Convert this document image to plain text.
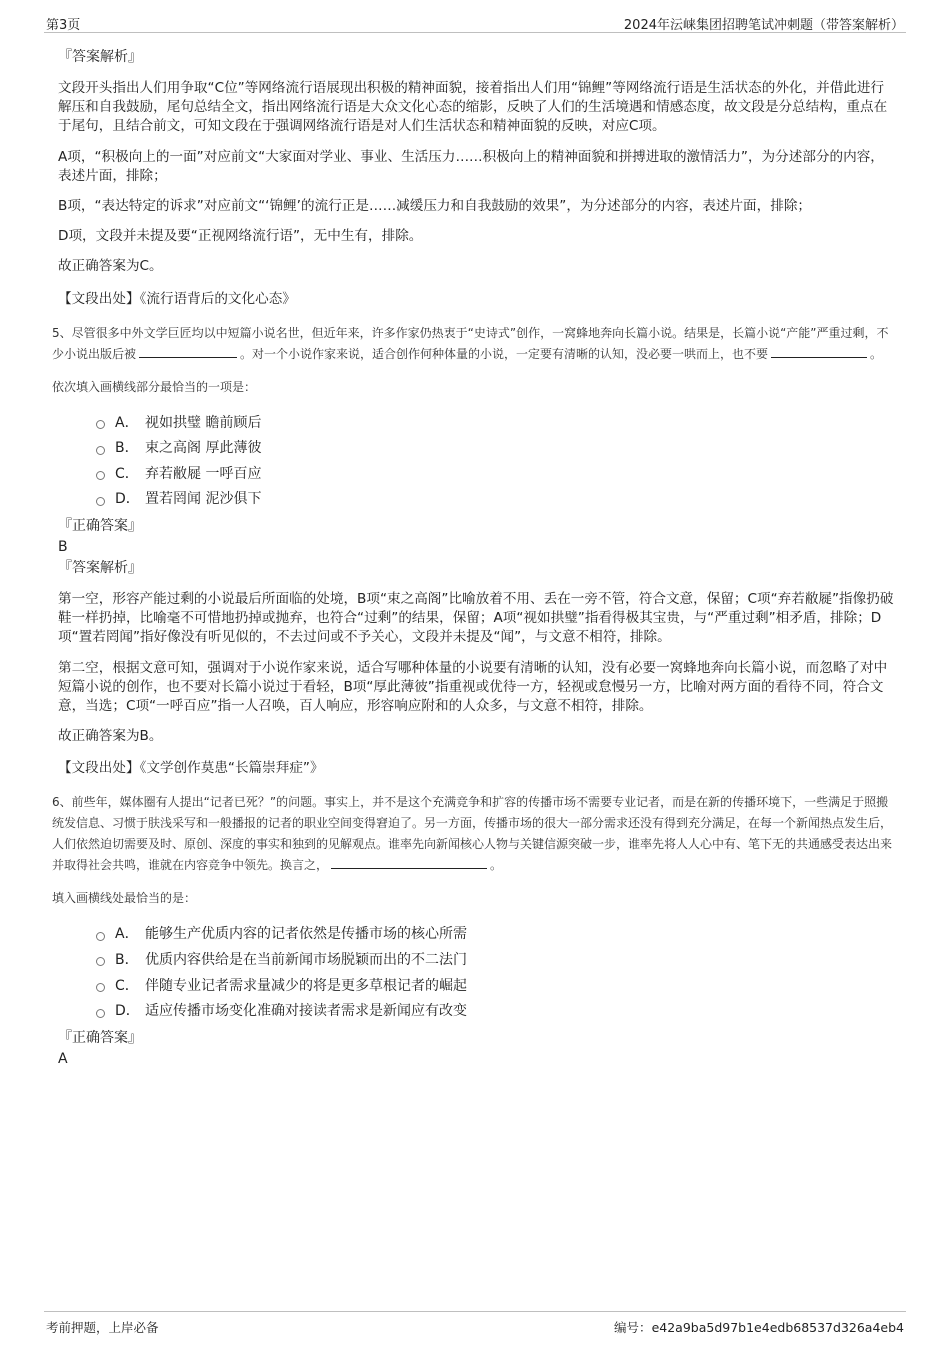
第3页	2024年沄崃集团招聘笔试冲刺题（带答案解析）
『答案解析』

文段开头指出人们用争取“C位”等网络流行语展现出积极的精神面貌，接着指出人们用“锦鲤”等网络流行语是生活状态的外化，并借此进行解压和自我鼓励，尾句总结全文，指出网络流行语是大众文化心态的缩影，反映了人们的生活境遇和情感态度，故文段是分总结构，重点在于尾句，且结合前文，可知文段在于强调网络流行语是对人们生活状态和精神面貌的反映，对应C项。

A项，“积极向上的一面”对应前文“大家面对学业、事业、生活压力……积极向上的精神面貌和拼搏进取的激情活力”，为分述部分的内容，表述片面，排除；

B项，“表达特定的诉求”对应前文“‘锦鲤’的流行正是……减缓压力和自我鼓励的效果”，为分述部分的内容，表述片面，排除；

D项，文段并未提及要“正视网络流行语”，无中生有，排除。

故正确答案为C。

【文段出处】《流行语背后的文化心态》
5、尽管很多中外文学巨匠均以中短篇小说名世，但近年来，许多作家仍热衷于“史诗式”创作，一窝蜂地奔向长篇小说。结果是，长篇小说“产能”严重过剩，不少小说出版后被	。对一个小说作家来说，适合创作何种体量的小说，一定要有清晰的认知，没必要一哄而上，也不要	。
依次填入画横线部分最恰当的一项是：
A． 视如拱璧 瞻前顾后
B． 束之高阁 厚此薄彼
C． 弃若敝屣 一呼百应
D． 置若罔闻 泥沙俱下
『正确答案』
B
『答案解析』

第一空，形容产能过剩的小说最后所面临的处境，B项“束之高阁”比喻放着不用、丢在一旁不管，符合文意，保留；C项“弃若敝屣”指像扔破鞋一样扔掉，比喻毫不可惜地扔掉或抛弃，也符合“过剩”的结果，保留；A项“视如拱璧”指看得极其宝贵，与“严重过剩”相矛盾，排除；D项“置若罔闻”指好像没有听见似的，不去过问或不予关心，文段并未提及“闻”，与文意不相符，排除。

第二空，根据文意可知，强调对于小说作家来说，适合写哪种体量的小说要有清晰的认知，没有必要一窝蜂地奔向长篇小说，而忽略了对中短篇小说的创作，也不要对长篇小说过于看轻，B项“厚此薄彼”指重视或优待一方，轻视或怠慢另一方，比喻对两方面的看待不同，符合文意，当选；C项“一呼百应”指一人召唤，百人响应，形容响应附和的人众多，与文意不相符，排除。

故正确答案为B。

【文段出处】《文学创作莫患“长篇崇拜症”》
6、前些年，媒体圈有人提出“记者已死？”的问题。事实上，并不是这个充满竞争和扩容的传播市场不需要专业记者，而是在新的传播环境下，一些满足于照搬统发信息、习惯于肤浅采写和一般播报的记者的职业空间变得窘迫了。另一方面，传播市场的很大一部分需求还没有得到充分满足，在每一个新闻热点发生后，人们依然迫切需要及时、原创、深度的事实和独到的见解观点。谁率先向新闻核心人物与关键信源突破一步，谁率先将人人心中有、笔下无的共通感受表达出来并取得社会共鸣，谁就在内容竞争中领先。换言之，	。
填入画横线处最恰当的是：
A． 能够生产优质内容的记者依然是传播市场的核心所需
B． 优质内容供给是在当前新闻市场脱颖而出的不二法门
C． 伴随专业记者需求量减少的将是更多草根记者的崛起
D． 适应传播市场变化准确对接读者需求是新闻应有改变
『正确答案』
A
考前押题，上岸必备	编号：e42a9ba5d97b1e4edb68537d326a4eb4
